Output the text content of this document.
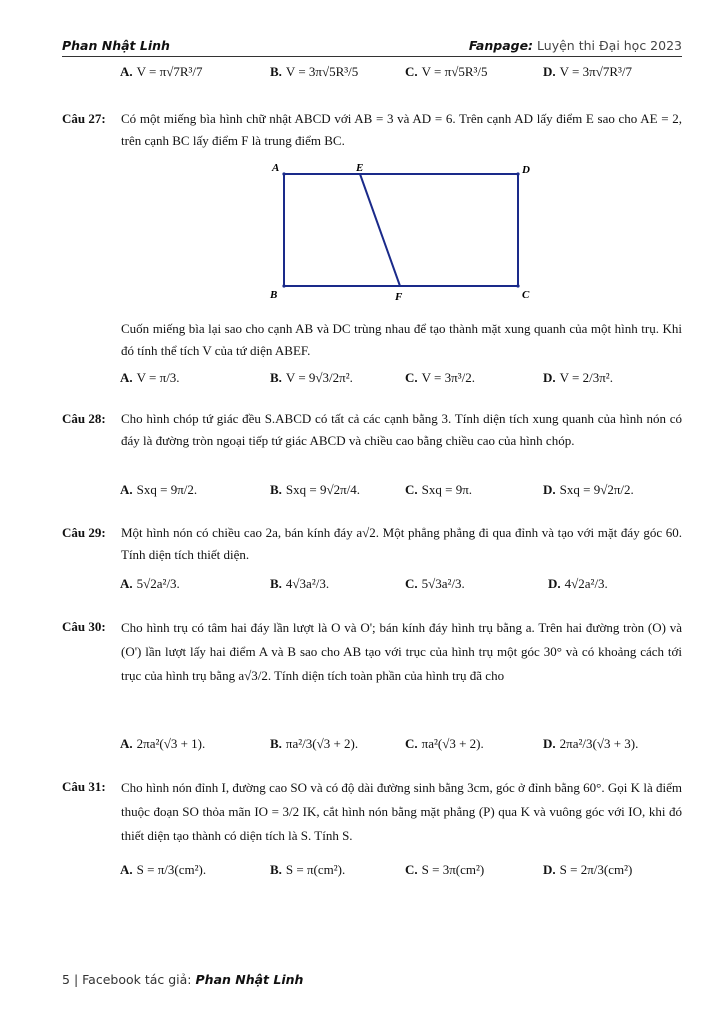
Phan Nhật Linh	Fanpage: Luyện thi Đại học 2023
A. V = π√7R³/7	B. V = 3π√5R³/5	C. V = π√5R³/5	D. V = 3π√7R³/7
Câu 27: Có một miếng bìa hình chữ nhật ABCD với AB = 3 và AD = 6. Trên cạnh AD lấy điểm E sao cho AE = 2, trên cạnh BC lấy điểm F là trung điểm BC.
A	E	D
B	F	C
Cuốn miếng bìa lại sao cho cạnh AB và DC trùng nhau để tạo thành mặt xung quanh của một hình trụ. Khi đó tính thể tích V của tứ diện ABEF.
A. V = π/3.	B. V = 9√3/2π².	C. V = 3π³/2.	D. V = 2/3π².
Câu 28: Cho hình chóp tứ giác đều S.ABCD có tất cả các cạnh bằng 3. Tính diện tích xung quanh của hình nón có đáy là đường tròn ngoại tiếp tứ giác ABCD và chiều cao bằng chiều cao của hình chóp.
A. Sxq = 9π/2.	B. Sxq = 9√2π/4.	C. Sxq = 9π.	D. Sxq = 9√2π/2.
Câu 29: Một hình nón có chiều cao 2a, bán kính đáy a√2. Một phẳng phẳng đi qua đỉnh và tạo với mặt đáy góc 60. Tính diện tích thiết diện.
A. 5√2a²/3.	B. 4√3a²/3.	C. 5√3a²/3.	D. 4√2a²/3.
Câu 30: Cho hình trụ có tâm hai đáy lần lượt là O và O'; bán kính đáy hình trụ bằng a. Trên hai đường tròn (O) và (O') lần lượt lấy hai điểm A và B sao cho AB tạo với trục của hình trụ một góc 30° và có khoảng cách tới trục của hình trụ bằng a√3/2. Tính diện tích toàn phần của hình trụ đã cho
A. 2πa²(√3 + 1).	B. πa²/3(√3 + 2).	C. πa²(√3 + 2).	D. 2πa²/3(√3 + 3).
Câu 31: Cho hình nón đỉnh I, đường cao SO và có độ dài đường sinh bằng 3cm, góc ở đỉnh bằng 60°. Gọi K là điểm thuộc đoạn SO thỏa mãn IO = 3/2 IK, cắt hình nón bằng mặt phẳng (P) qua K và vuông góc với IO, khi đó thiết diện tạo thành có diện tích là S. Tính S.
A. S = π/3(cm²).	B. S = π(cm²).	C. S = 3π(cm²)	D. S = 2π/3(cm²)
5 | Facebook tác giả: Phan Nhật Linh
